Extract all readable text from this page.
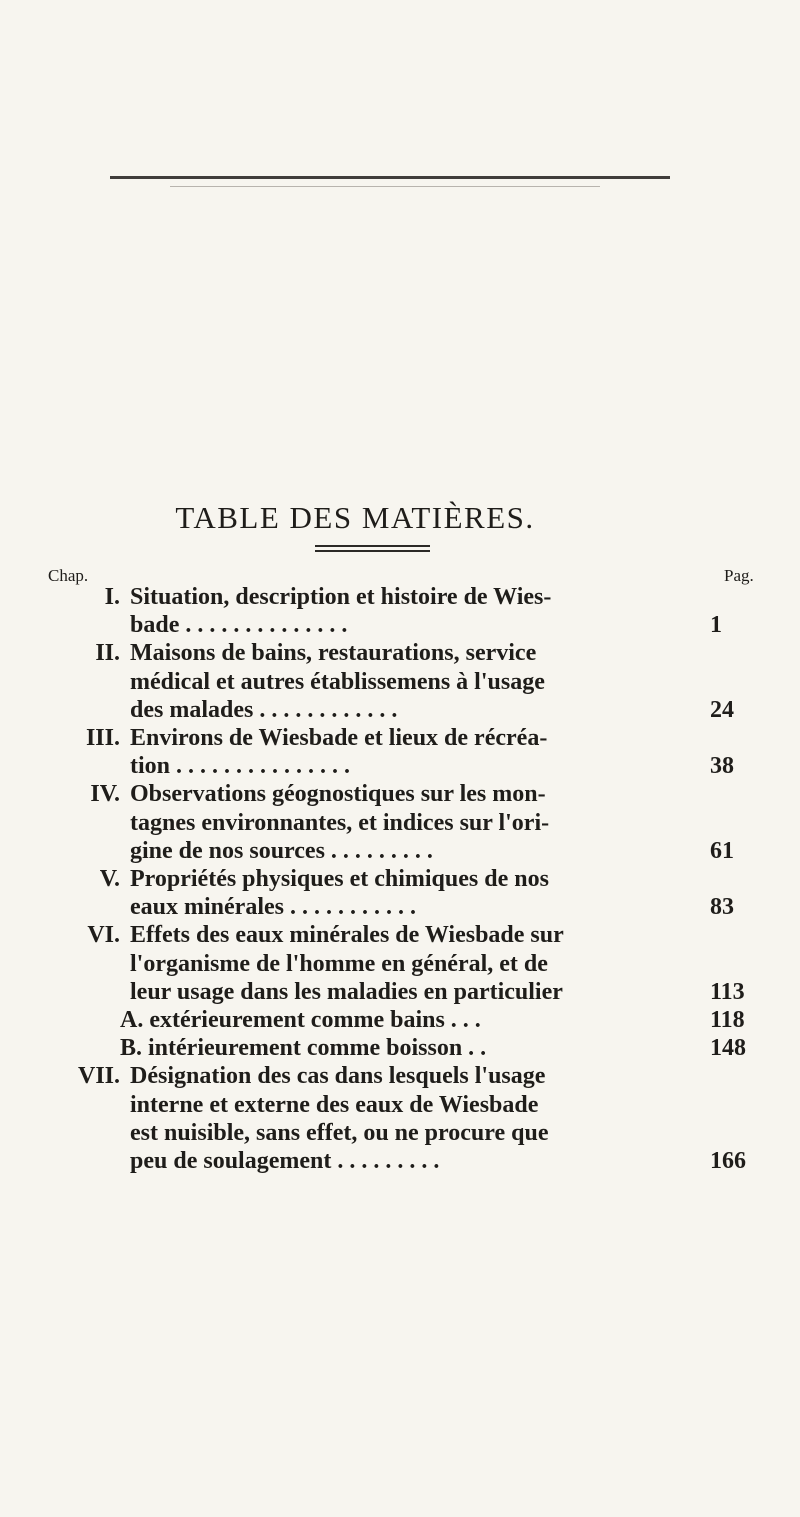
TABLE DES MATIÈRES.
Chap.	Pag.
I. Situation, description et histoire de Wies-
bade . . . . . . . . . . . . . .	1
II. Maisons de bains, restaurations, service
médical et autres établissemens à l'usage
des malades . . . . . . . . . . . .	24
III. Environs de Wiesbade et lieux de récréa-
tion . . . . . . . . . . . . . . .	38
IV. Observations géognostiques sur les mon-
tagnes environnantes, et indices sur l'ori-
gine de nos sources . . . . . . . . .	61
V. Propriétés physiques et chimiques de nos
eaux minérales . . . . . . . . . . .	83
VI. Effets des eaux minérales de Wiesbade sur
l'organisme de l'homme en général, et de
leur usage dans les maladies en particulier	113
A. extérieurement comme bains . . .	118
B. intérieurement comme boisson . .	148
VII. Désignation des cas dans lesquels l'usage
interne et externe des eaux de Wiesbade
est nuisible, sans effet, ou ne procure que
peu de soulagement . . . . . . . . .	166
